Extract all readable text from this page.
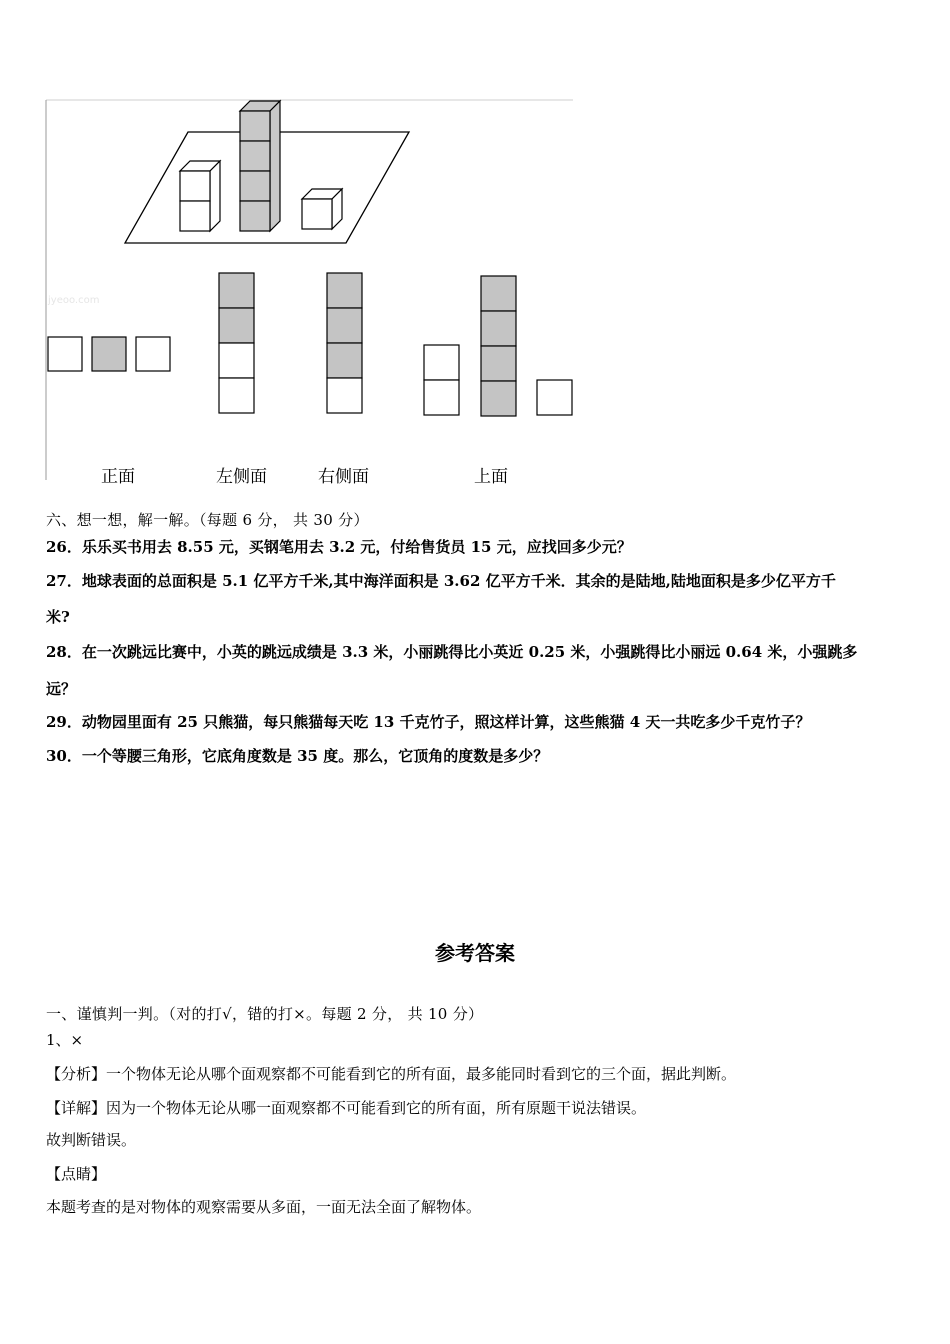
jyeoo.com
正面	左侧面	右侧面	上面
六、想一想，解一解。（每题 6 分， 共 30 分）
26．乐乐买书用去 8.55 元，买钢笔用去 3.2 元，付给售货员 15 元，应找回多少元？
27．地球表面的总面积是 5.1 亿平方千米,其中海洋面积是 3.62 亿平方千米．其余的是陆地,陆地面积是多少亿平方千
米?
28．在一次跳远比赛中，小英的跳远成绩是 3.3 米，小丽跳得比小英近 0.25 米，小强跳得比小丽远 0.64 米，小强跳多
远？
29．动物园里面有 25 只熊猫，每只熊猫每天吃 13 千克竹子，照这样计算，这些熊猫 4 天一共吃多少千克竹子？
30．一个等腰三角形，它底角度数是 35 度。那么，它顶角的度数是多少？
参考答案
一、谨慎判一判。（对的打√，错的打×。每题 2 分， 共 10 分）
1、×
【分析】一个物体无论从哪个面观察都不可能看到它的所有面，最多能同时看到它的三个面，据此判断。
【详解】因为一个物体无论从哪一面观察都不可能看到它的所有面，所有原题干说法错误。
故判断错误。
【点睛】
本题考查的是对物体的观察需要从多面，一面无法全面了解物体。
